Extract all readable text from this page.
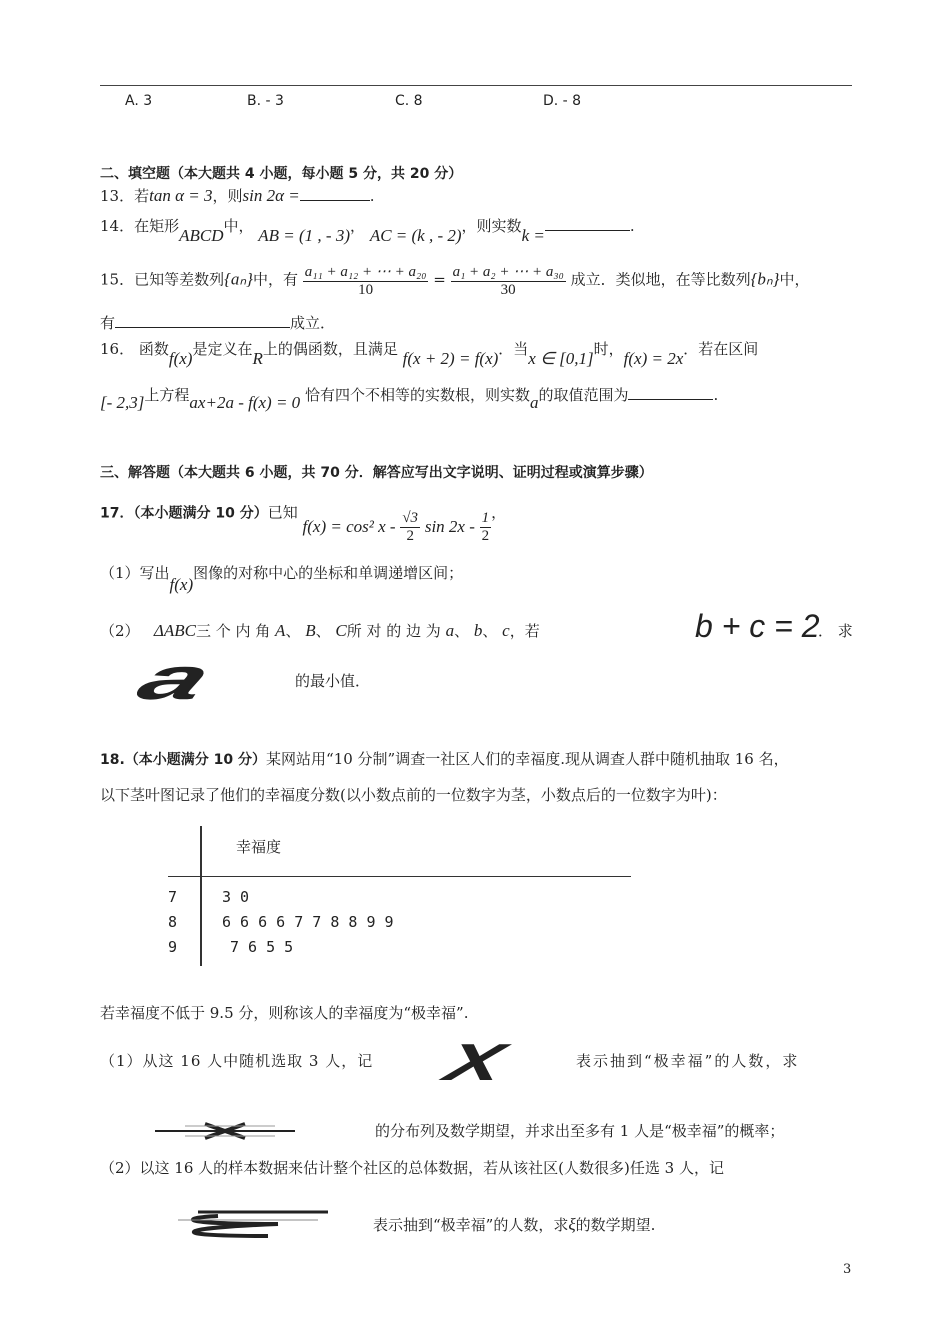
A. 3	B. - 3	C. 8	D. - 8
二、填空题（本大题共 4 小题，每小题 5 分，共 20 分）
13．若tan α = 3，则sin 2α =	.
14．在矩形ABCD中， AB = (1 , - 3)， AC = (k , - 2)，则实数k =	.
15．已知等差数列{aₙ}中，有 $\frac{\text{a₁₁ + a₁₂ + ⋯ + a₂₀}}{10} = \frac{\text{a₁ + a₂ + ⋯ + a₃₀}}{30}$ 成立．类似地，在等比数列{bₙ}中，
有	成立．
16． 函数f(x)是定义在R上的偶函数，且满足 f(x + 2) = f(x)．当x ∈ [0,1]时，f(x) = 2x．若在区间
[- 2,3]上方程ax+2a - f(x) = 0 恰有四个不相等的实数根，则实数a的取值范围为	.
三、解答题（本大题共 6 小题，共 70 分．解答应写出文字说明、证明过程或演算步骤）
17．（本小题满分 10 分）已知 f(x) = cos² x - $\frac{√3}{2}$ $\sin 2x - \frac{1}{2}$ ，
（1）写出f(x)图像的对称中心的坐标和单调递增区间；
（2） ΔABC三 个 内 角 A、 B、 C所 对 的 边 为 a、 b、 c，若	b + c = 2
． 求
a	的最小值．
18.（本小题满分 10 分）某网站用“10 分制”调查一社区人们的幸福度.现从调查人群中随机抽取 16 名，
以下茎叶图记录了他们的幸福度分数(以小数点前的一位数字为茎，小数点后的一位数字为叶)：
幸福度
7	3 0
8	6 6 6 6 7 7 8 8 9 9
9	7 6 5 5
若幸福度不低于 9.5 分，则称该人的幸福度为“极幸福”.
（1）从这 16 人中随机选取 3 人，记 X	表示抽到“极幸福”的人数，求
的分布列及数学期望，并求出至多有 1 人是“极幸福”的概率；
（2）以这 16 人的样本数据来估计整个社区的总体数据，若从该社区(人数很多)任选 3 人，记
表示抽到“极幸福”的人数，求ξ的数学期望.
3
